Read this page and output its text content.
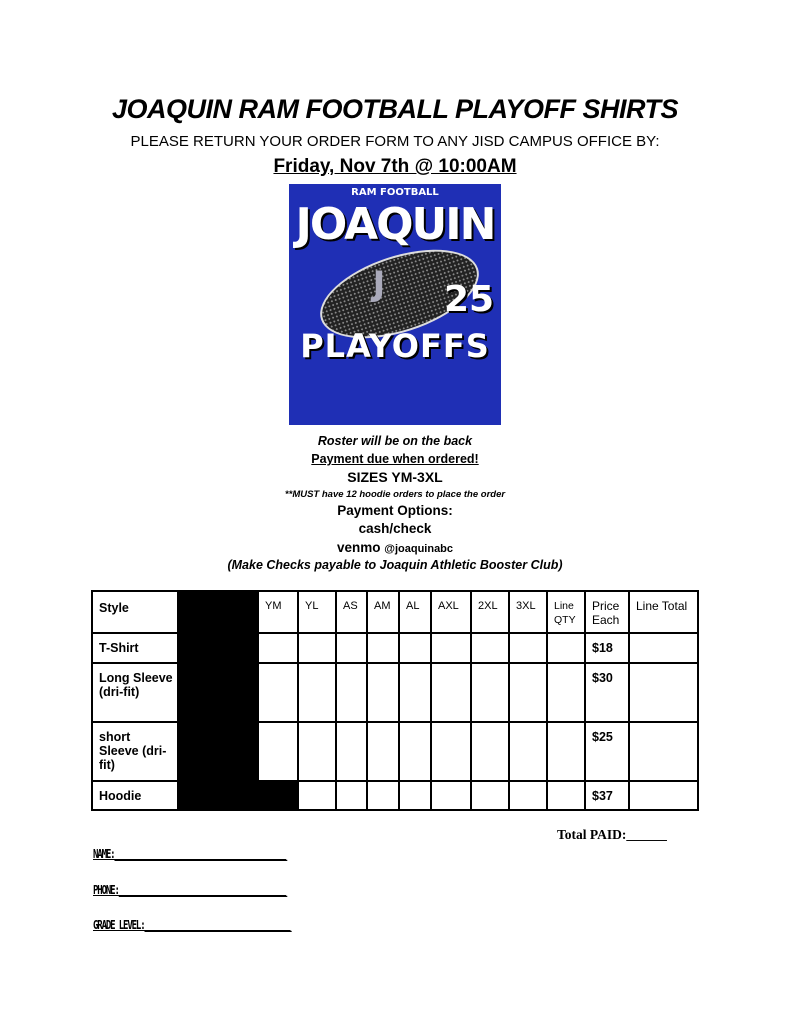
JOAQUIN RAM FOOTBALL PLAYOFF SHIRTS
PLEASE RETURN YOUR ORDER FORM TO ANY JISD CAMPUS OFFICE BY:
Friday, Nov 7th @ 10:00AM
RAM FOOTBALL
JOAQUIN
J	25
PLAYOFFS
Roster will be on the back
Payment due when ordered!
SIZES YM-3XL
**MUST have 12 hoodie orders to place the order
Payment Options:
cash/check
venmo @joaquinabc
(Make Checks payable to Joaquin Athletic Booster Club)
Style		YM	YL	AS	AM	AL	AXL	2XL	3XL	Line QTY	Price Each	Line Total
T-Shirt											$18	
Long Sleeve (dri-fit)											$30	
short Sleeve (dri-fit)											$25	
Hoodie											$37	
Total PAID:______
NAME:________________________________________
PHONE:_______________________________________
GRADE LEVEL:__________________________________
